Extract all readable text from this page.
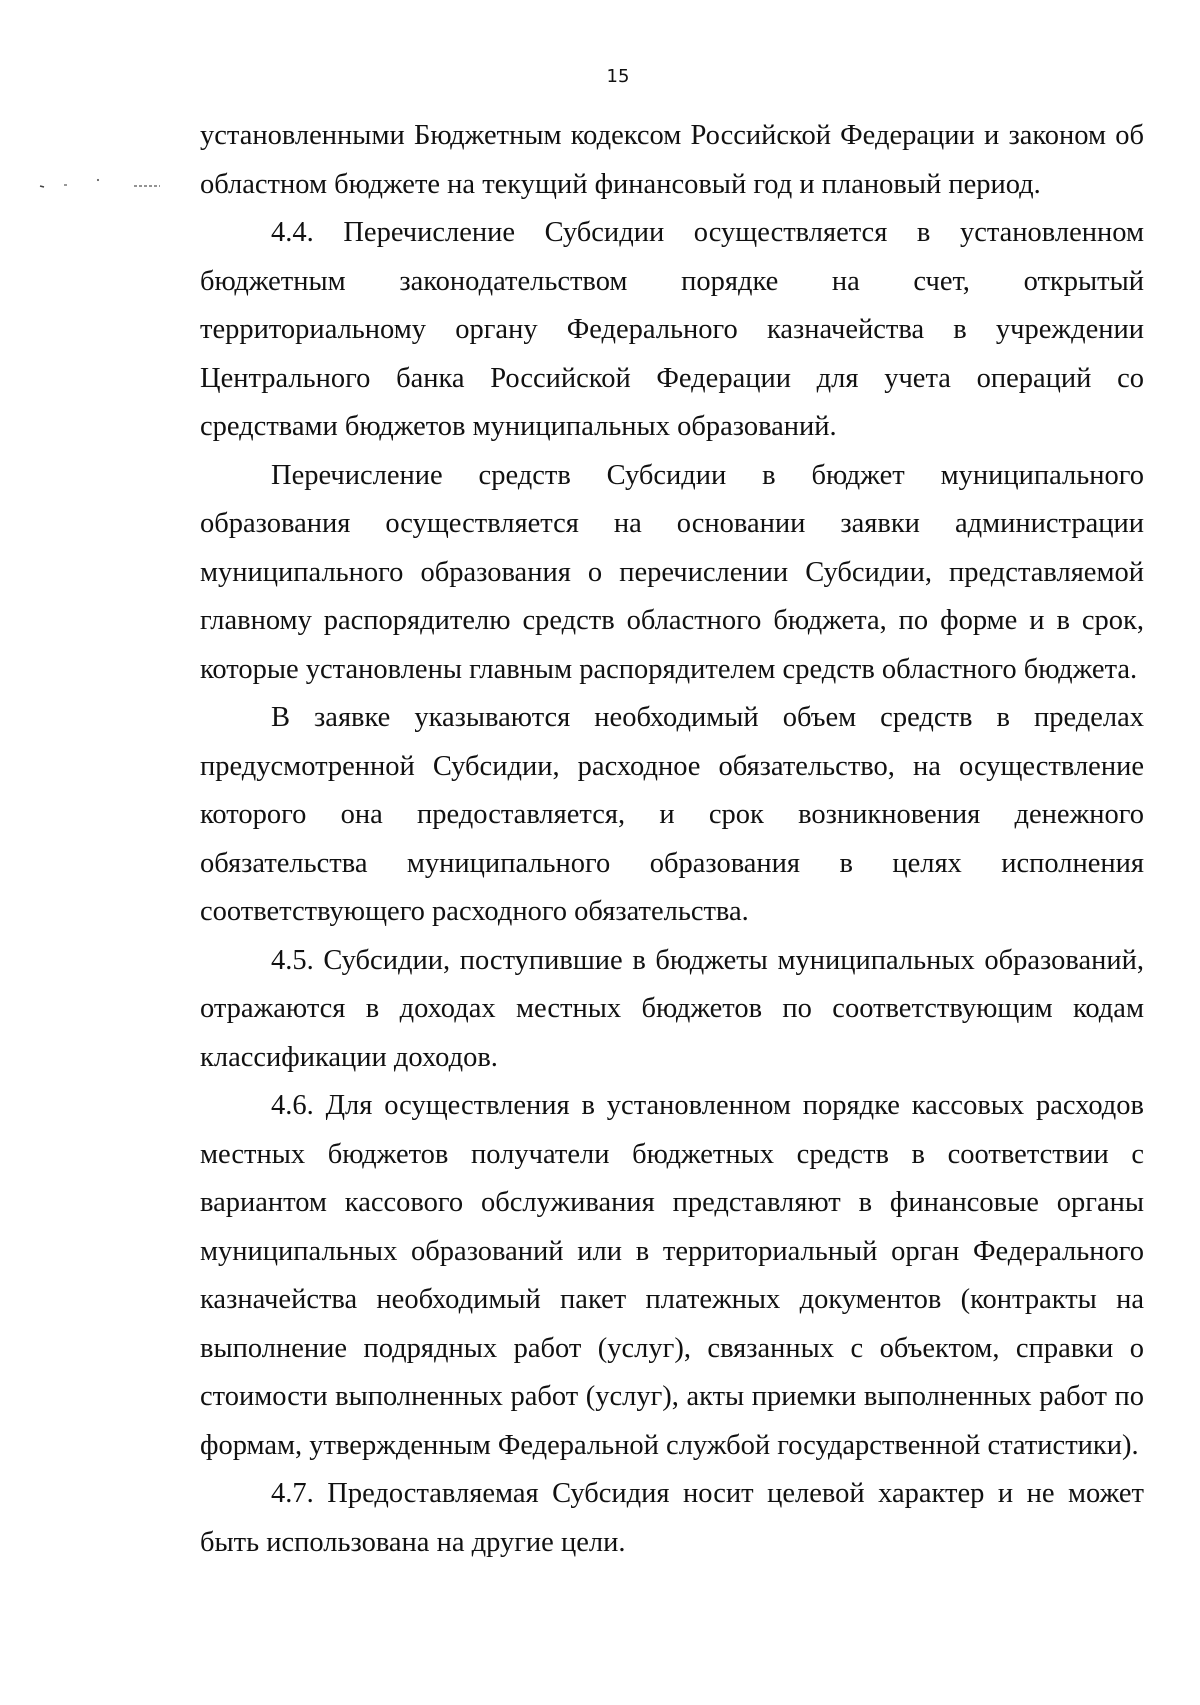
15

установленными Бюджетным кодексом Российской Федерации и законом об областном бюджете на текущий финансовый год и плановый период.

4.4. Перечисление Субсидии осуществляется в установленном бюджетным законодательством порядке на счет, открытый территориальному органу Федерального казначейства в учреждении Центрального банка Российской Федерации для учета операций со средствами бюджетов муниципальных образований.

Перечисление средств Субсидии в бюджет муниципального образования осуществляется на основании заявки администрации муниципального образования о перечислении Субсидии, представляемой главному распорядителю средств областного бюджета, по форме и в срок, которые установлены главным распорядителем средств областного бюджета.

В заявке указываются необходимый объем средств в пределах предусмотренной Субсидии, расходное обязательство, на осуществление которого она предоставляется, и срок возникновения денежного обязательства муниципального образования в целях исполнения соответствующего расходного обязательства.

4.5. Субсидии, поступившие в бюджеты муниципальных образований, отражаются в доходах местных бюджетов по соответствующим кодам классификации доходов.

4.6. Для осуществления в установленном порядке кассовых расходов местных бюджетов получатели бюджетных средств в соответствии с вариантом кассового обслуживания представляют в финансовые органы муниципальных образований или в территориальный орган Федерального казначейства необходимый пакет платежных документов (контракты на выполнение подрядных работ (услуг), связанных с объектом, справки о стоимости выполненных работ (услуг), акты приемки выполненных работ по формам, утвержденным Федеральной службой государственной статистики).

4.7. Предоставляемая Субсидия носит целевой характер и не может быть использована на другие цели.
